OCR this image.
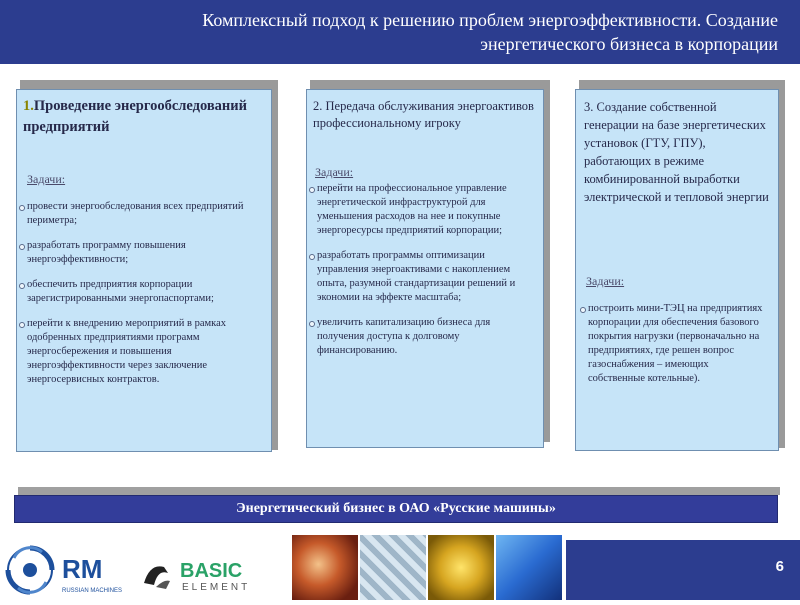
Комплексный подход к решению проблем энергоэффективности. Создание энергетического бизнеса в корпорации
1.Проведение энергообследований предприятий
Задачи:
провести энергообследования всех предприятий периметра;
разработать программу повышения энергоэффективности;
обеспечить предприятия корпорации зарегистрированными энергопаспортами;
перейти к внедрению мероприятий в рамках одобренных предприятиями программ энергосбережения и повышения энергоэффективности через заключение энергосервисных контрактов.
2. Передача обслуживания энергоактивов профессиональному игроку
Задачи:
перейти на профессиональное управление энергетической инфраструктурой для уменьшения расходов на нее и покупные энергоресурсы предприятий корпорации;
разработать программы оптимизации управления энергоактивами с накоплением опыта, разумной стандартизации решений и экономии на эффекте масштаба;
увеличить капитализацию бизнеса для получения доступа к долговому финансированию.
3. Создание собственной генерации на базе энергетических установок (ГТУ, ГПУ), работающих в режиме комбинированной выработки электрической и тепловой энергии
Задачи:
построить мини-ТЭЦ на предприятиях корпорации для обеспечения базового покрытия нагрузки (первоначально на предприятиях, где решен вопрос газоснабжения – имеющих собственные котельные).
Энергетический бизнес в ОАО «Русские машины»
RM
RUSSIAN MACHINES
BASIC
ELEMENT
6
